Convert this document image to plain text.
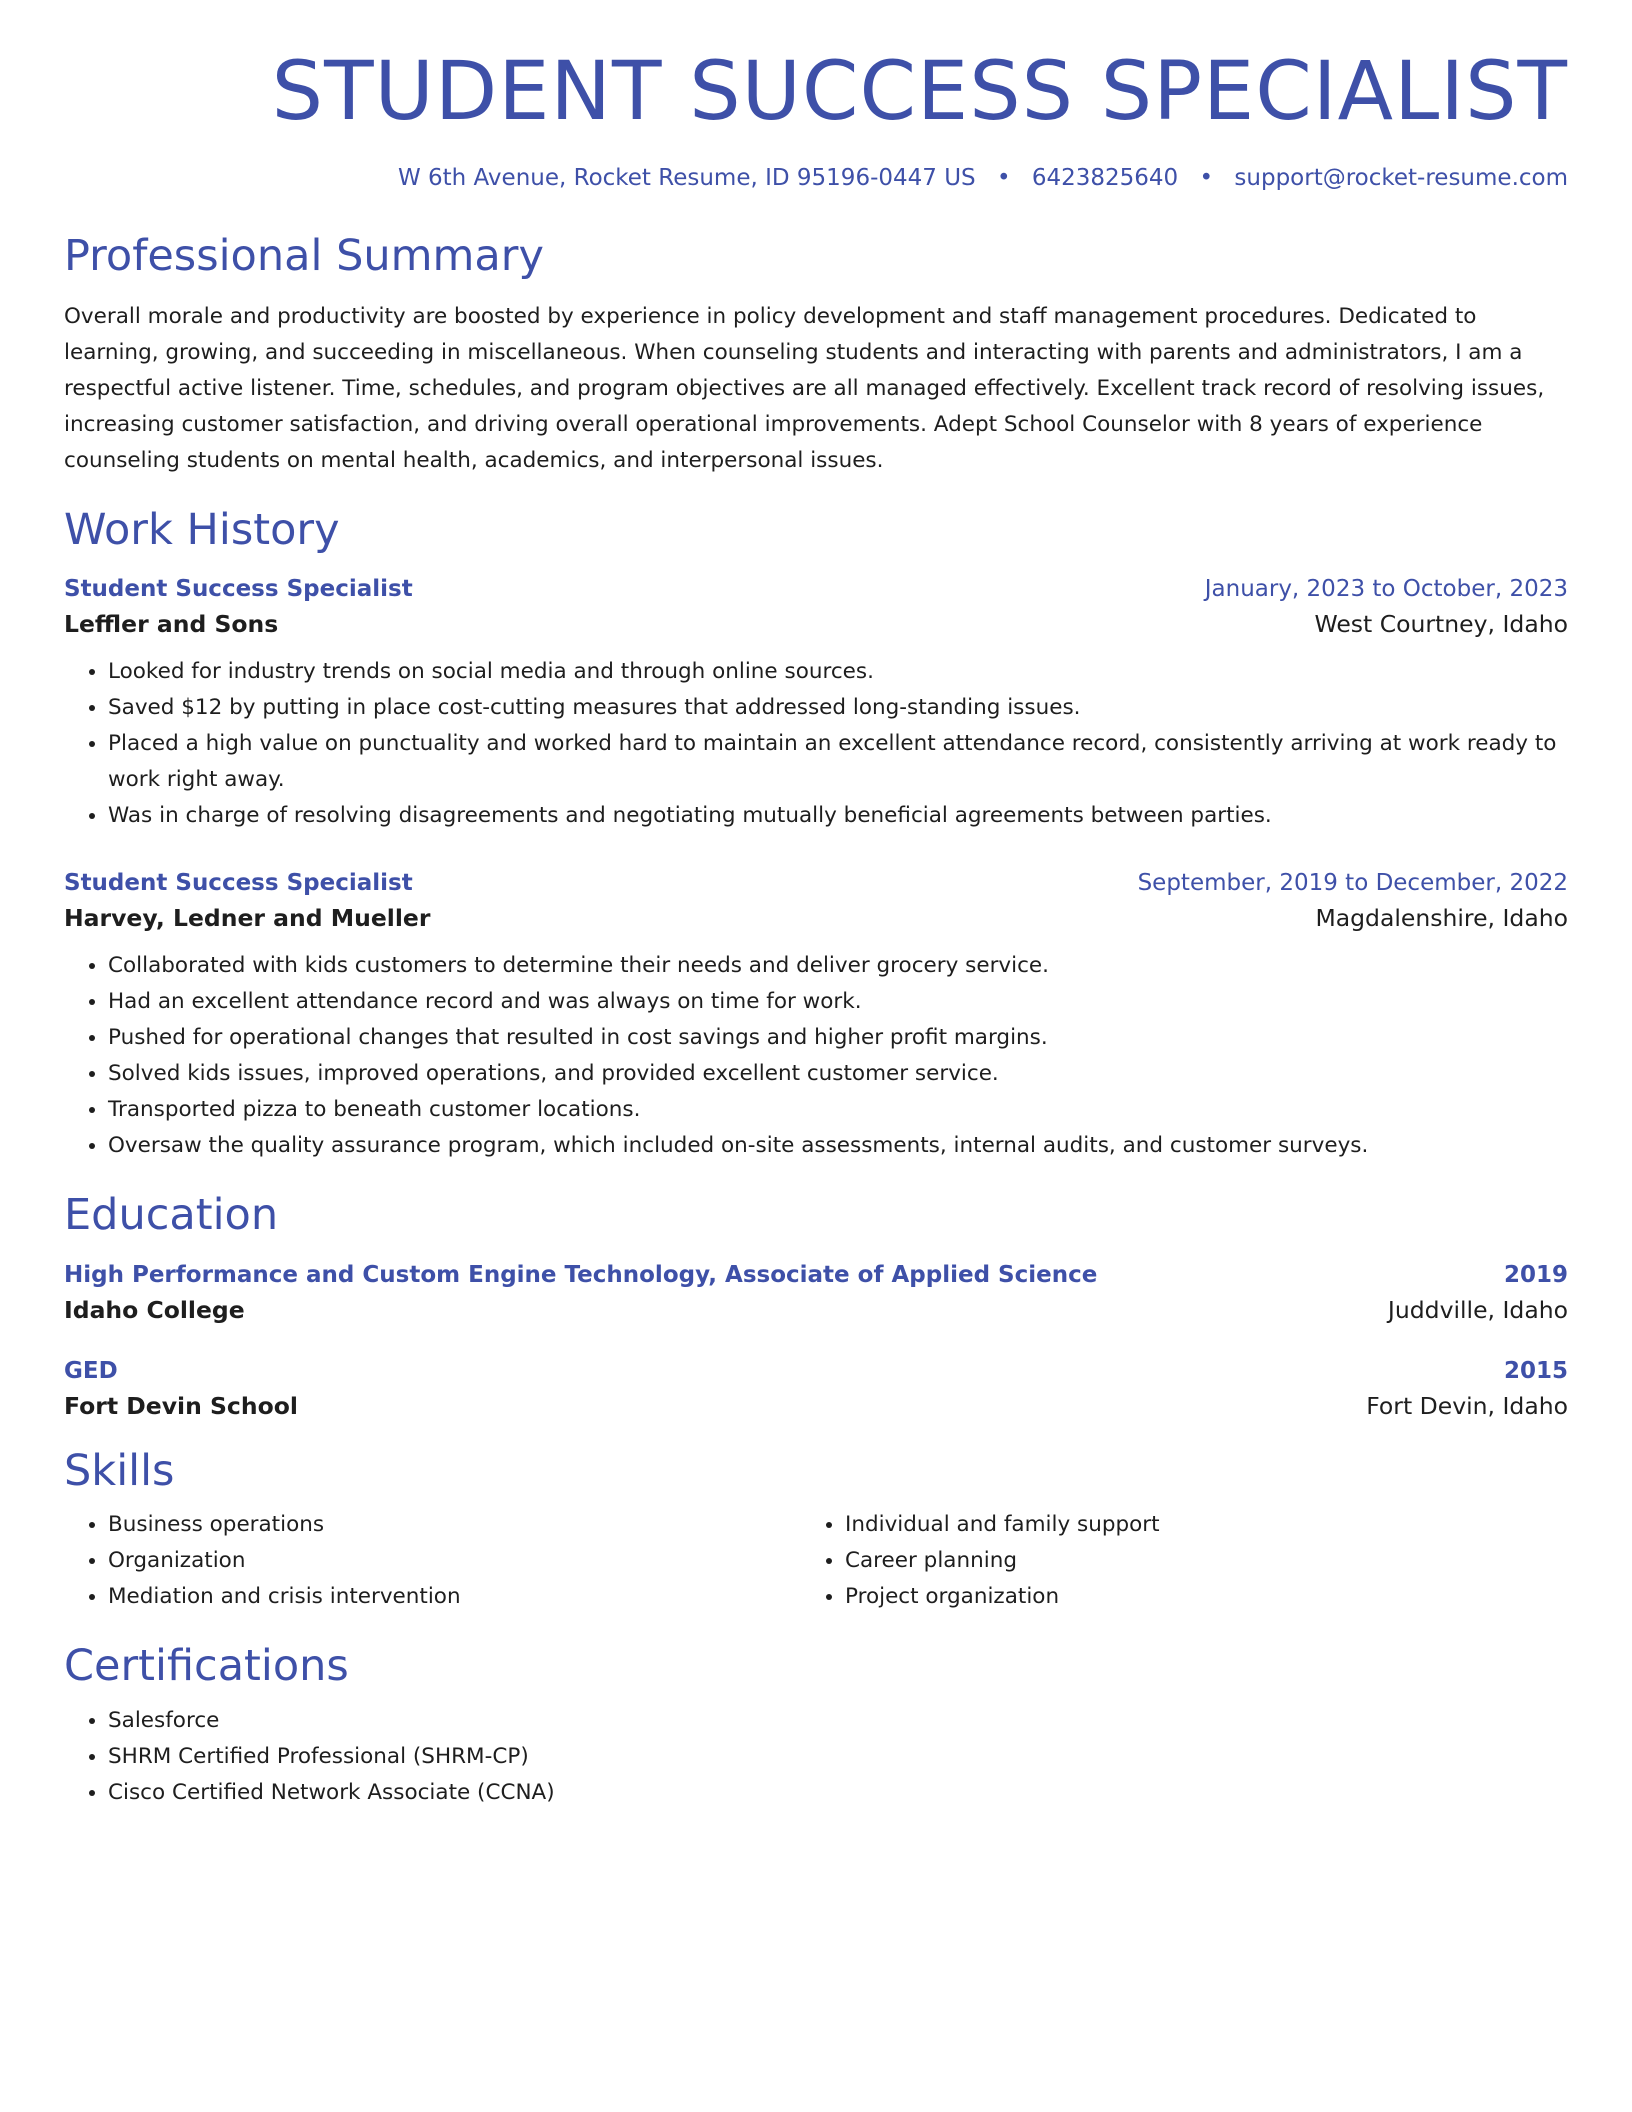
STUDENT SUCCESS SPECIALIST
W 6th Avenue, Rocket Resume, ID 95196-0447 US • 6423825640 • support@rocket-resume.com
Professional Summary
Overall morale and productivity are boosted by experience in policy development and staff management procedures. Dedicated to learning, growing, and succeeding in miscellaneous. When counseling students and interacting with parents and administrators, I am a respectful active listener. Time, schedules, and program objectives are all managed effectively. Excellent track record of resolving issues, increasing customer satisfaction, and driving overall operational improvements. Adept School Counselor with 8 years of experience counseling students on mental health, academics, and interpersonal issues.
Work History
Student Success Specialist	January, 2023 to October, 2023
Leffler and Sons	West Courtney, Idaho
• Looked for industry trends on social media and through online sources.
• Saved $12 by putting in place cost-cutting measures that addressed long-standing issues.
• Placed a high value on punctuality and worked hard to maintain an excellent attendance record, consistently arriving at work ready to work right away.
• Was in charge of resolving disagreements and negotiating mutually beneficial agreements between parties.
Student Success Specialist	September, 2019 to December, 2022
Harvey, Ledner and Mueller	Magdalenshire, Idaho
• Collaborated with kids customers to determine their needs and deliver grocery service.
• Had an excellent attendance record and was always on time for work.
• Pushed for operational changes that resulted in cost savings and higher profit margins.
• Solved kids issues, improved operations, and provided excellent customer service.
• Transported pizza to beneath customer locations.
• Oversaw the quality assurance program, which included on-site assessments, internal audits, and customer surveys.
Education
High Performance and Custom Engine Technology, Associate of Applied Science	2019
Idaho College	Juddville, Idaho
GED	2015
Fort Devin School	Fort Devin, Idaho
Skills
• Business operations
• Organization
• Mediation and crisis intervention
• Individual and family support
• Career planning
• Project organization
Certifications
• Salesforce
• SHRM Certified Professional (SHRM-CP)
• Cisco Certified Network Associate (CCNA)
